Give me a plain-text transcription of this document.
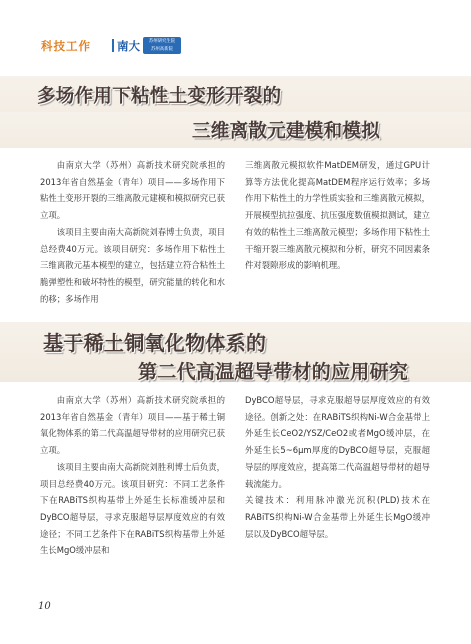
科技工作 南大	苏州研究生院
苏州高新院
多场作用下粘性土变形开裂的
三维离散元建模和模拟

由南京大学（苏州）高新技术研究院承担的2013年省自然基金（青年）项目——多场作用下粘性土变形开裂的三维离散元建模和模拟研究已获立项。

该项目主要由南大高新院刘春博士负责，项目总经费40万元。该项目研究：多场作用下粘性土三维离散元基本模型的建立，包括建立符合粘性土脆弹塑性和破坏特性的模型，研究能量的转化和水的移；多场作用

三维离散元模拟软件MatDEM研发，通过GPU计算等方法优化提高MatDEM程序运行效率；多场作用下粘性土的力学性质实验和三维离散元模拟，开展模型抗拉强度、抗压强度数值模拟测试，建立有效的粘性土三维离散元模型；多场作用下粘性土干缩开裂三维离散元模拟和分析，研究不同因素条件对裂隙形成的影响机理。

基于稀土铜氧化物体系的
第二代高温超导带材的应用研究

由南京大学（苏州）高新技术研究院承担的2013年省自然基金（青年）项目——基于稀土铜氧化物体系的第二代高温超导带材的应用研究已获立项。

该项目主要由南大高新院刘胜利博士后负责，项目总经费40万元。该项目研究：不同工艺条件下在RABiTS织构基带上外延生长标准缓冲层和DyBCO超导层，寻求克服超导层厚度效应的有效途径；不同工艺条件下在RABiTS织构基带上外延生长MgO缓冲层和

DyBCO超导层，寻求克服超导层厚度效应的有效途径。创新之处：在RABiTS织构Ni-W合金基带上外延生长CeO2/YSZ/CeO2或者MgO缓冲层，在外延生长5~6μm厚度的DyBCO超导层，克服超导层的厚度效应，提高第二代高温超导带材的超导载流能力。

关键技术：利用脉冲激光沉积(PLD)技术在RABiTS织构Ni-W合金基带上外延生长MgO缓冲层以及DyBCO超导层。

10
